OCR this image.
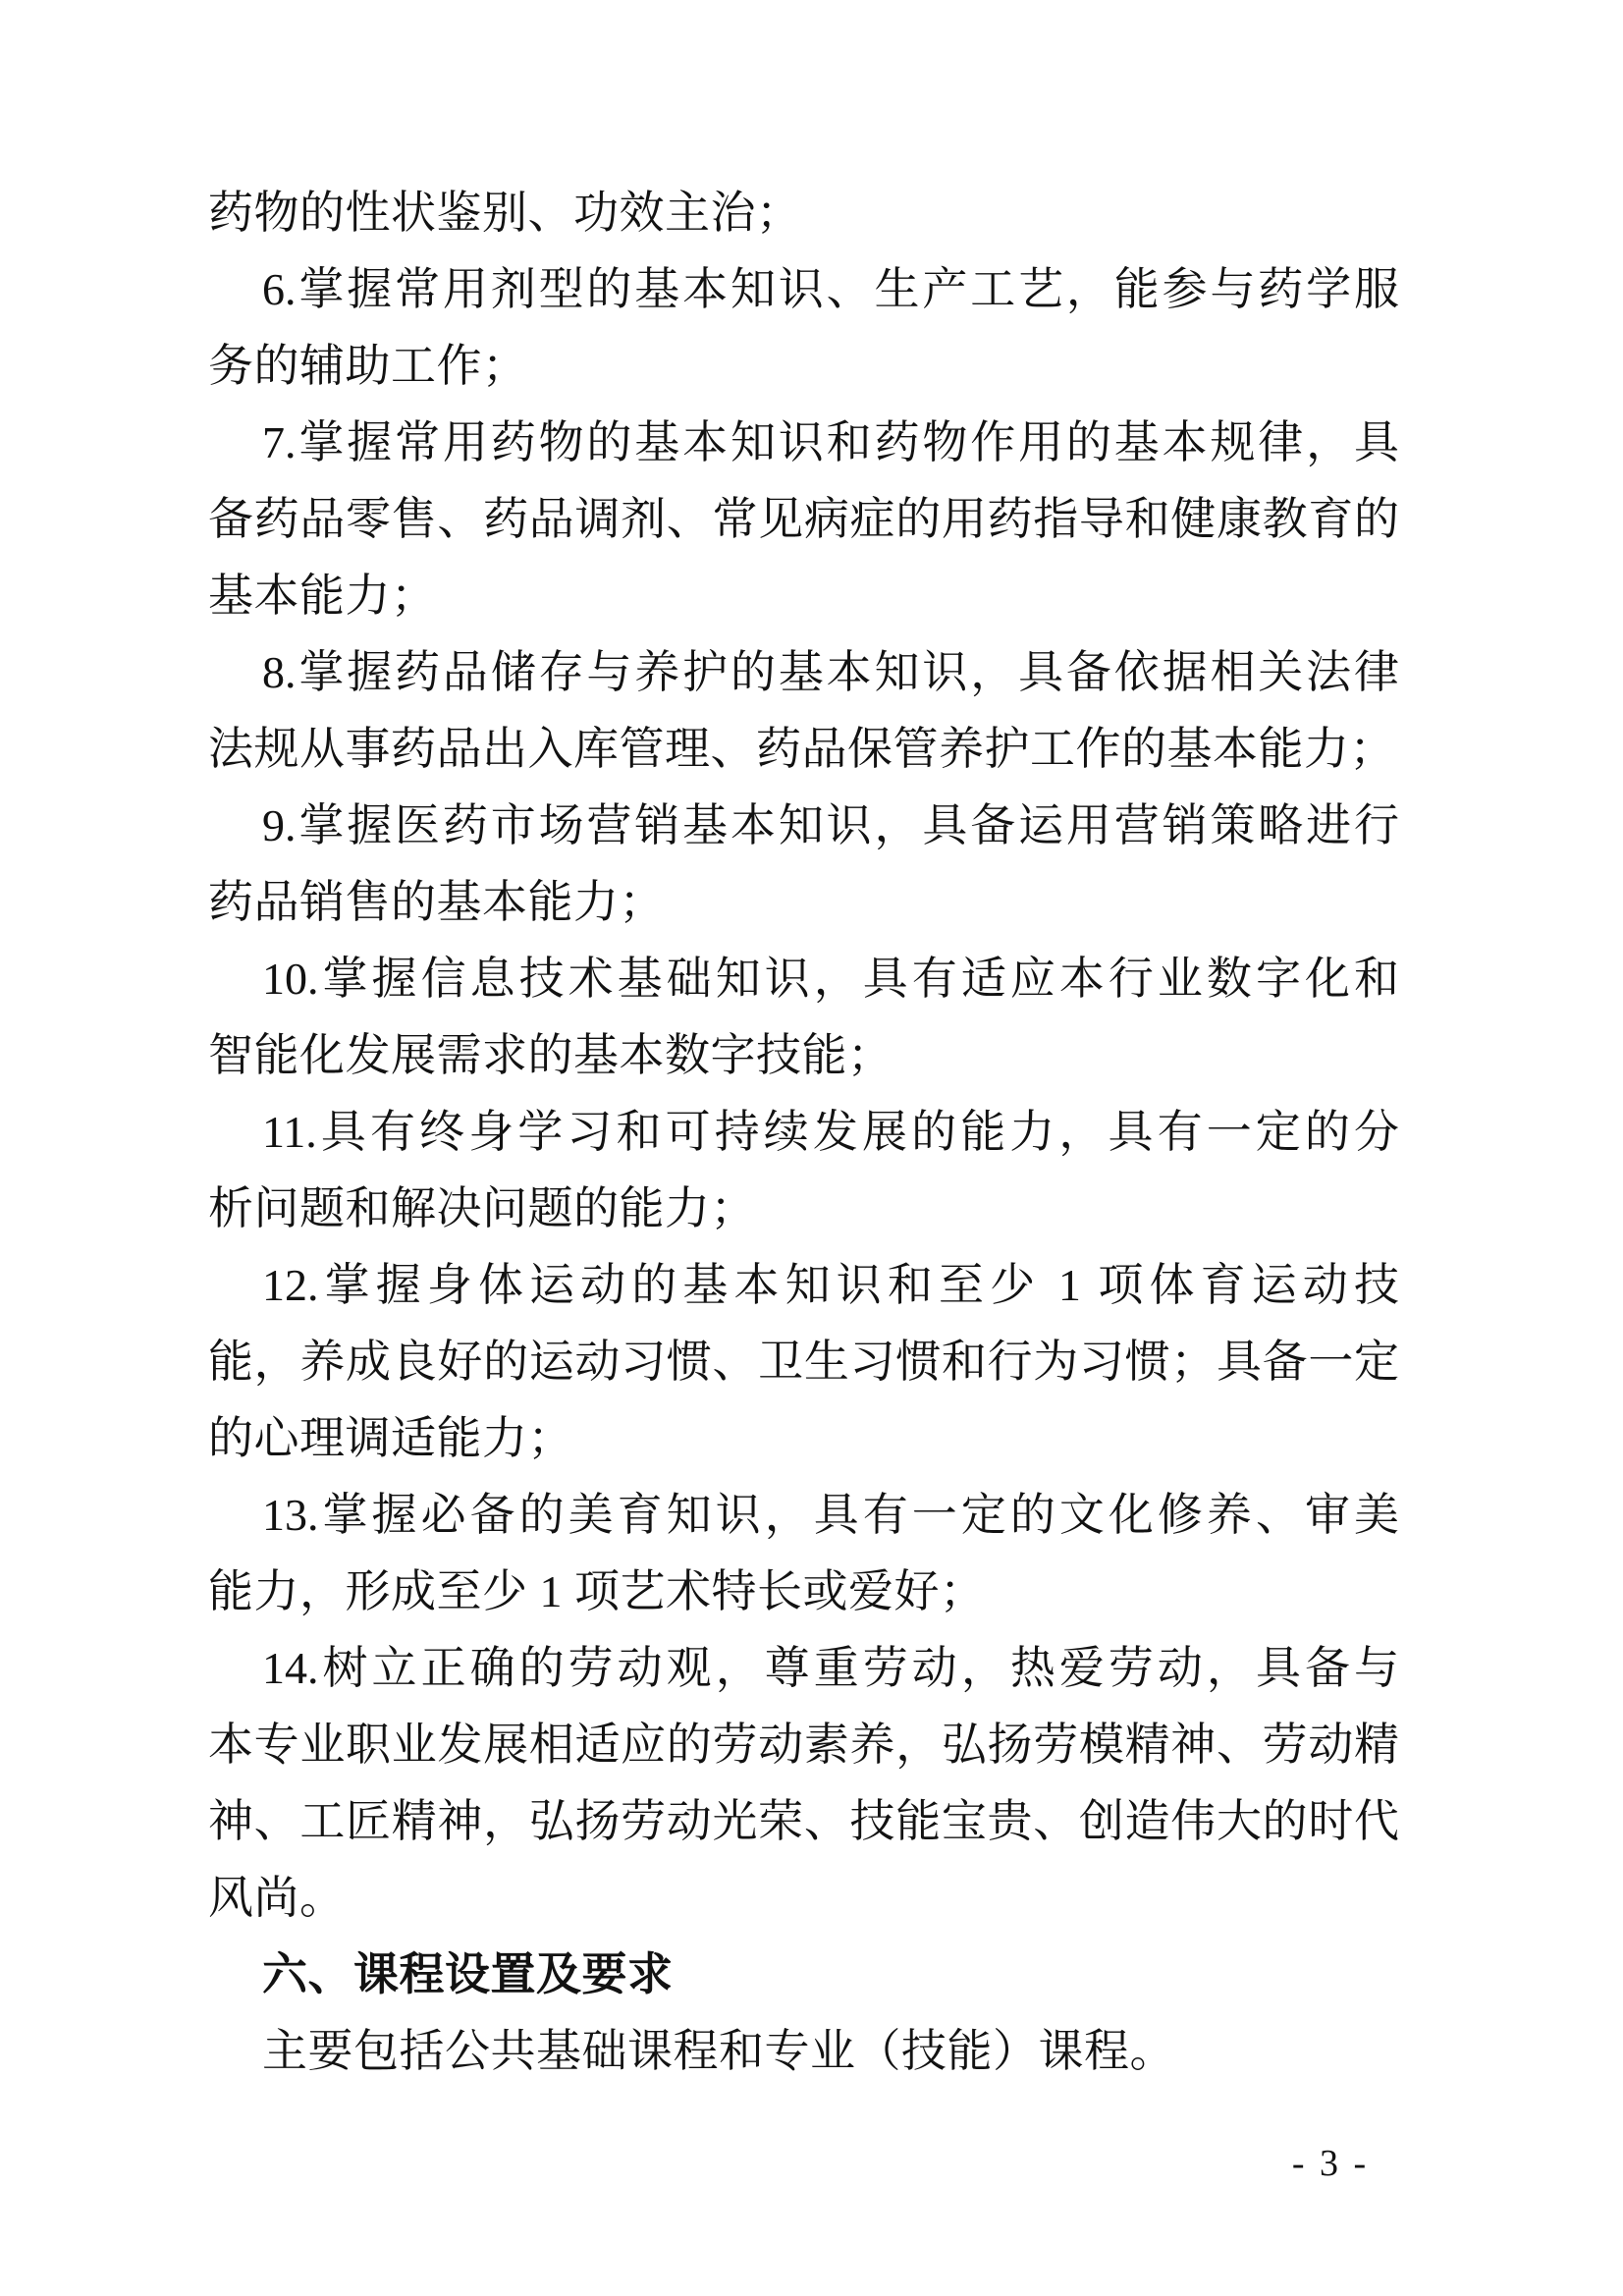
药物的性状鉴别、功效主治；
6.掌握常用剂型的基本知识、生产工艺，能参与药学服
务的辅助工作；
7.掌握常用药物的基本知识和药物作用的基本规律，具
备药品零售、药品调剂、常见病症的用药指导和健康教育的
基本能力；
8.掌握药品储存与养护的基本知识，具备依据相关法律
法规从事药品出入库管理、药品保管养护工作的基本能力；
9.掌握医药市场营销基本知识，具备运用营销策略进行
药品销售的基本能力；
10.掌握信息技术基础知识，具有适应本行业数字化和
智能化发展需求的基本数字技能；
11.具有终身学习和可持续发展的能力，具有一定的分
析问题和解决问题的能力；
12.掌握身体运动的基本知识和至少 1 项体育运动技
能，养成良好的运动习惯、卫生习惯和行为习惯；具备一定
的心理调适能力；
13.掌握必备的美育知识，具有一定的文化修养、审美
能力，形成至少 1 项艺术特长或爱好；
14.树立正确的劳动观，尊重劳动，热爱劳动，具备与
本专业职业发展相适应的劳动素养，弘扬劳模精神、劳动精
神、工匠精神，弘扬劳动光荣、技能宝贵、创造伟大的时代
风尚。
六、课程设置及要求
主要包括公共基础课程和专业（技能）课程。
- 3 -
